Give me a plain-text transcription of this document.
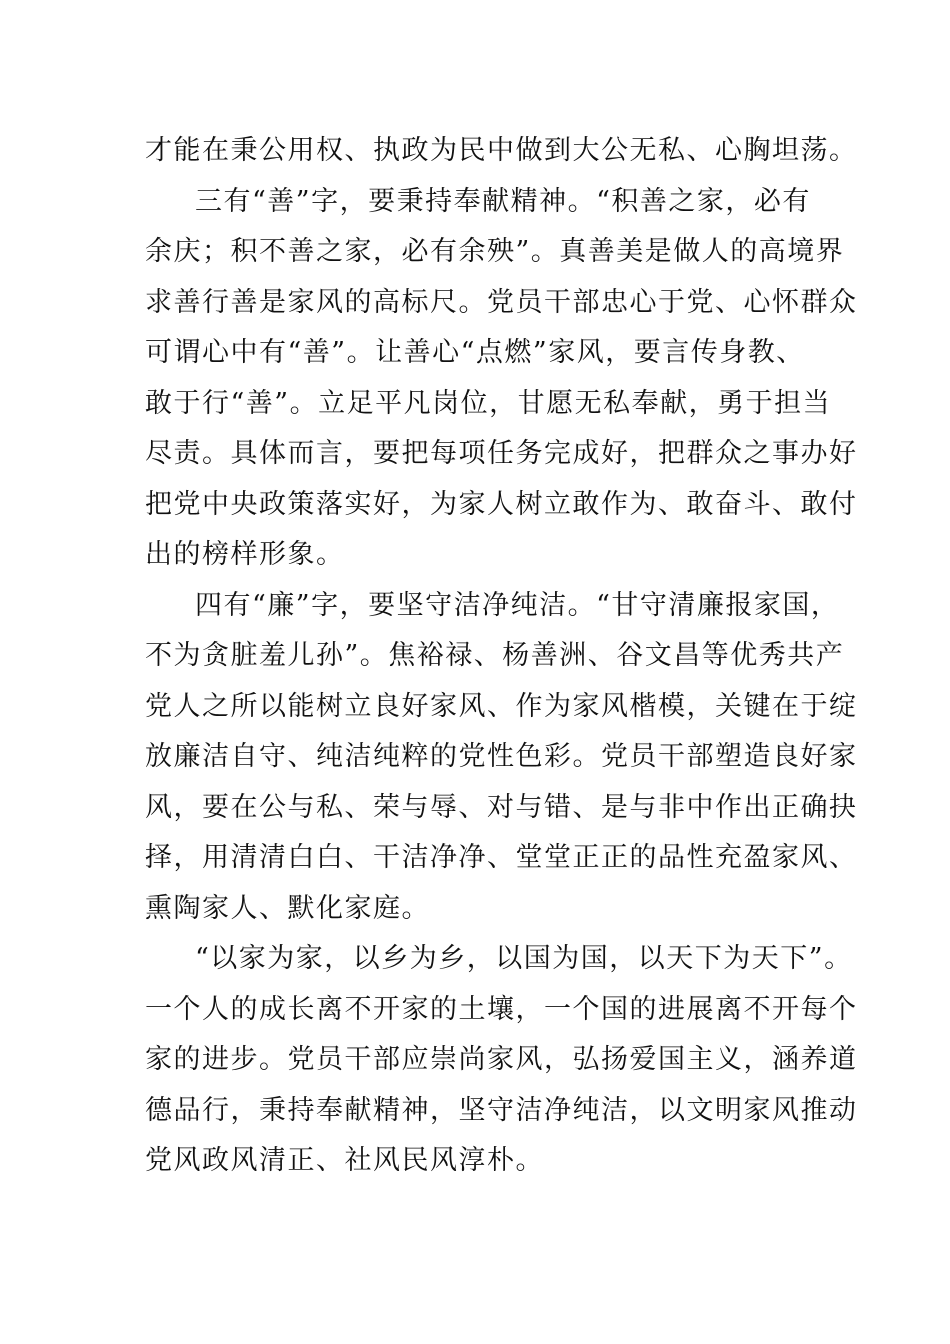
才能在秉公用权、执政为民中做到大公无私、心胸坦荡。
三有“善”字，要秉持奉献精神。“积善之家，必有
余庆；积不善之家，必有余殃”。真善美是做人的高境界
求善行善是家风的高标尺。党员干部忠心于党、心怀群众
可谓心中有“善”。让善心“点燃”家风，要言传身教、
敢于行“善”。立足平凡岗位，甘愿无私奉献，勇于担当
尽责。具体而言，要把每项任务完成好，把群众之事办好
把党中央政策落实好，为家人树立敢作为、敢奋斗、敢付
出的榜样形象。
四有“廉”字，要坚守洁净纯洁。“甘守清廉报家国，
不为贪脏羞儿孙”。焦裕禄、杨善洲、谷文昌等优秀共产
党人之所以能树立良好家风、作为家风楷模，关键在于绽
放廉洁自守、纯洁纯粹的党性色彩。党员干部塑造良好家
风，要在公与私、荣与辱、对与错、是与非中作出正确抉
择，用清清白白、干洁净净、堂堂正正的品性充盈家风、
熏陶家人、默化家庭。
“以家为家，以乡为乡，以国为国，以天下为天下”。
一个人的成长离不开家的土壤，一个国的进展离不开每个
家的进步。党员干部应崇尚家风，弘扬爱国主义，涵养道
德品行，秉持奉献精神，坚守洁净纯洁，以文明家风推动
党风政风清正、社风民风淳朴。
